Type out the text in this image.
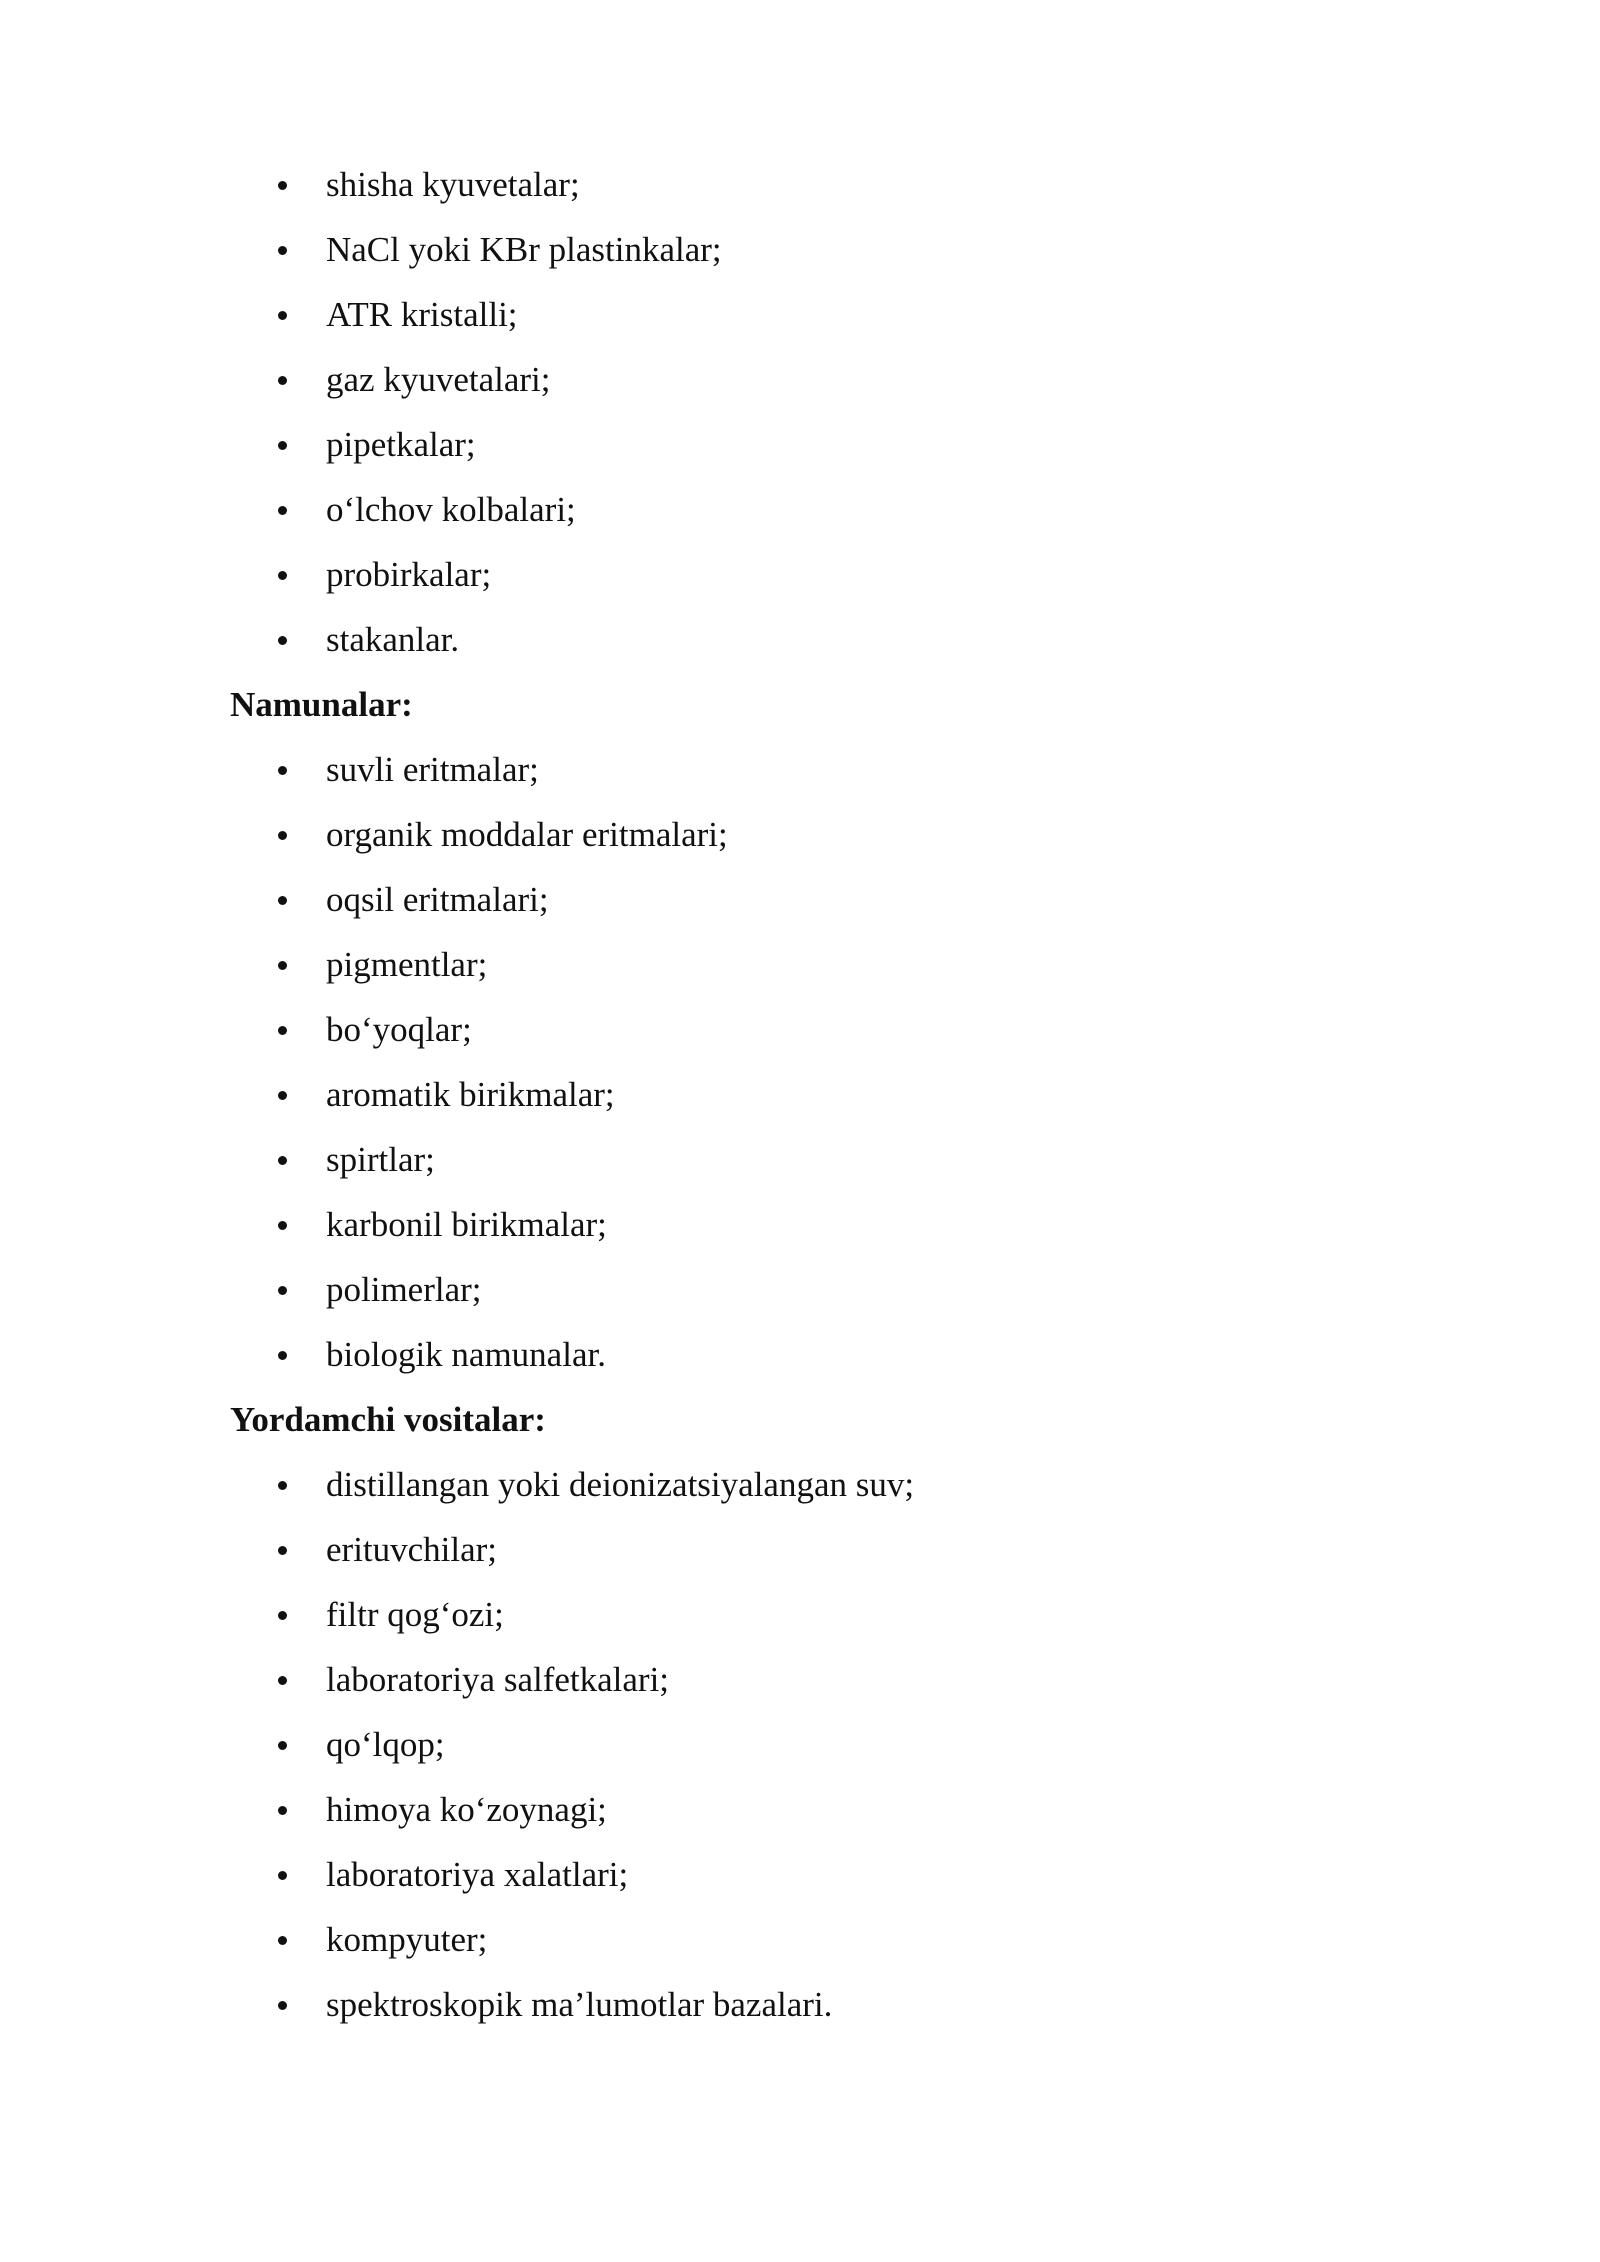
shisha kyuvetalar;
NaCl yoki KBr plastinkalar;
ATR kristalli;
gaz kyuvetalari;
pipetkalar;
o‘lchov kolbalari;
probirkalar;
stakanlar.

Namunalar:

suvli eritmalar;
organik moddalar eritmalari;
oqsil eritmalari;
pigmentlar;
bo‘yoqlar;
aromatik birikmalar;
spirtlar;
karbonil birikmalar;
polimerlar;
biologik namunalar.

Yordamchi vositalar:

distillangan yoki deionizatsiyalangan suv;
erituvchilar;
filtr qog‘ozi;
laboratoriya salfetkalari;
qo‘lqop;
himoya ko‘zoynagi;
laboratoriya xalatlari;
kompyuter;
spektroskopik ma’lumotlar bazalari.
